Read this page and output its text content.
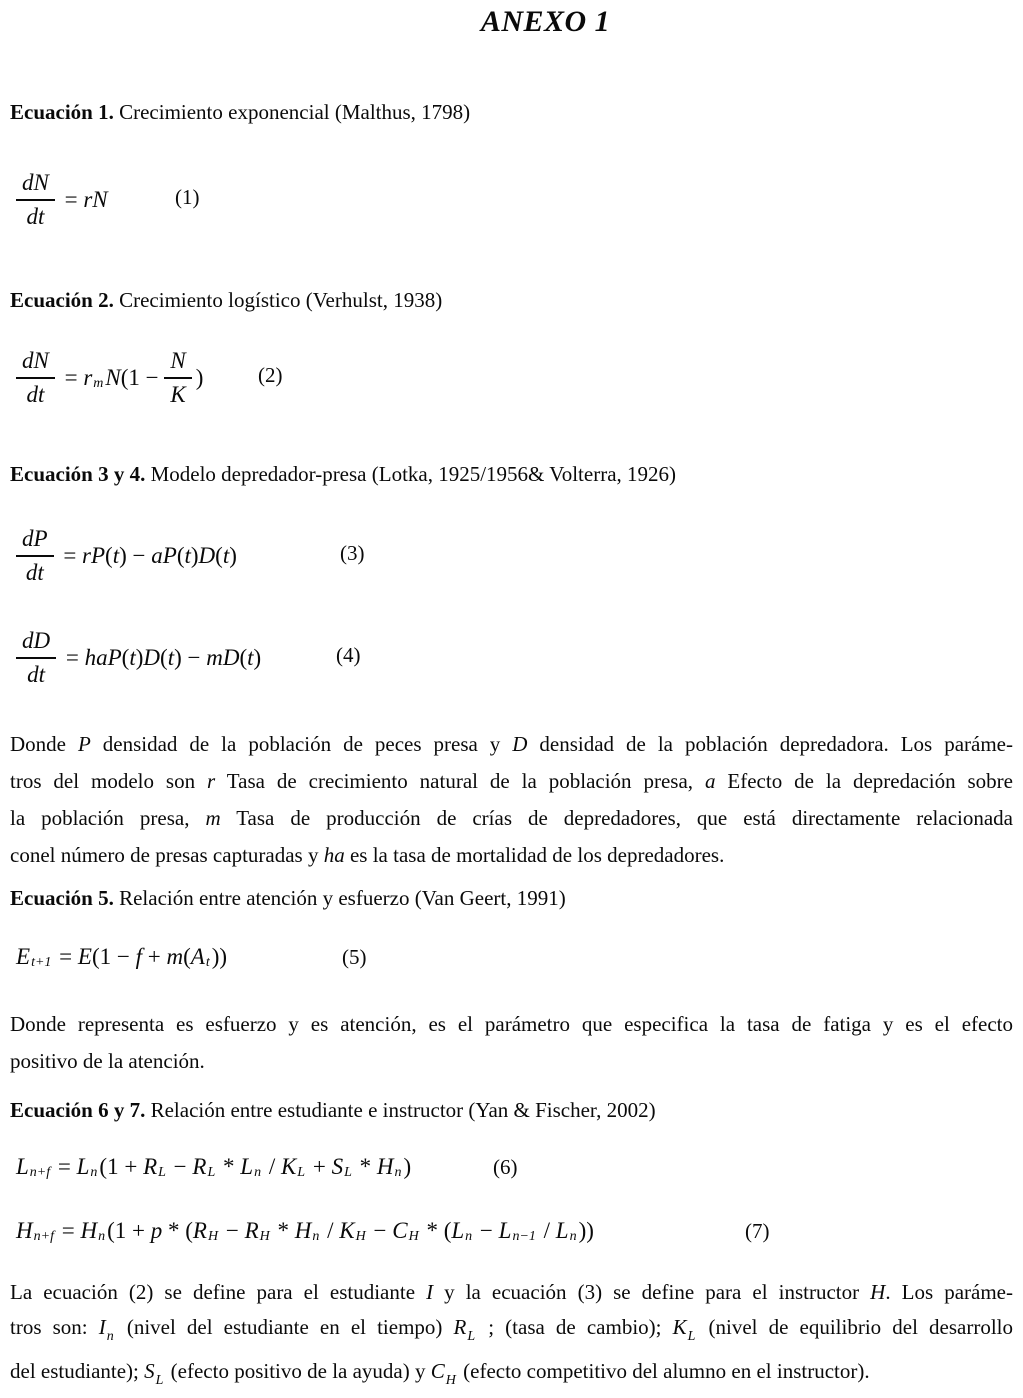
ANEXO 1
Ecuación 1. Crecimiento exponencial (Malthus, 1798)
$\frac{dN}{dt}$ = rN	(1)
Ecuación 2. Crecimiento logístico (Verhulst, 1938)
$\frac{dN}{dt} = r$ m N ($1 - \frac{N}{K}$ )	(2)
Ecuación 3 y 4. Modelo depredador-presa (Lotka, 1925/1956& Volterra, 1926)
$\frac{dP}{dt}$ = rP ( t ) − aP ( t ) D ( t )	(3)
$\frac{dD}{dt}$ = haP ( t ) D ( t ) − mD ( t )	(4)
Donde P densidad de la población de peces presa y D densidad de la población depredadora. Los paráme-
tros del modelo son r Tasa de crecimiento natural de la población presa, a Efecto de la depredación sobre
la población presa, m Tasa de producción de crías de depredadores, que está directamente relacionada
conel número de presas capturadas y ha es la tasa de mortalidad de los depredadores.
Ecuación 5. Relación entre atención y esfuerzo (Van Geert, 1991)
E t+1 = E (1 − f + m ( A t ))	(5)
Donde representa es esfuerzo y es atención, es el parámetro que especifica la tasa de fatiga y es el efecto
positivo de la atención.
Ecuación 6 y 7. Relación entre estudiante e instructor (Yan & Fischer, 2002)
L n+f = L n (1 + R L − R L * L n / K L + S L * H n )	(6)
H n+f = H n (1 + p * ( R H − R H * H n / K H − C H * ( L n − L n−1 / L n ))	(7)
La ecuación (2) se define para el estudiante I y la ecuación (3) se define para el instructor H. Los paráme-
tros son: In (nivel del estudiante en el tiempo) RL ; (tasa de cambio); KL (nivel de equilibrio del desarrollo
del estudiante); SL (efecto positivo de la ayuda) y CH (efecto competitivo del alumno en el instructor).
